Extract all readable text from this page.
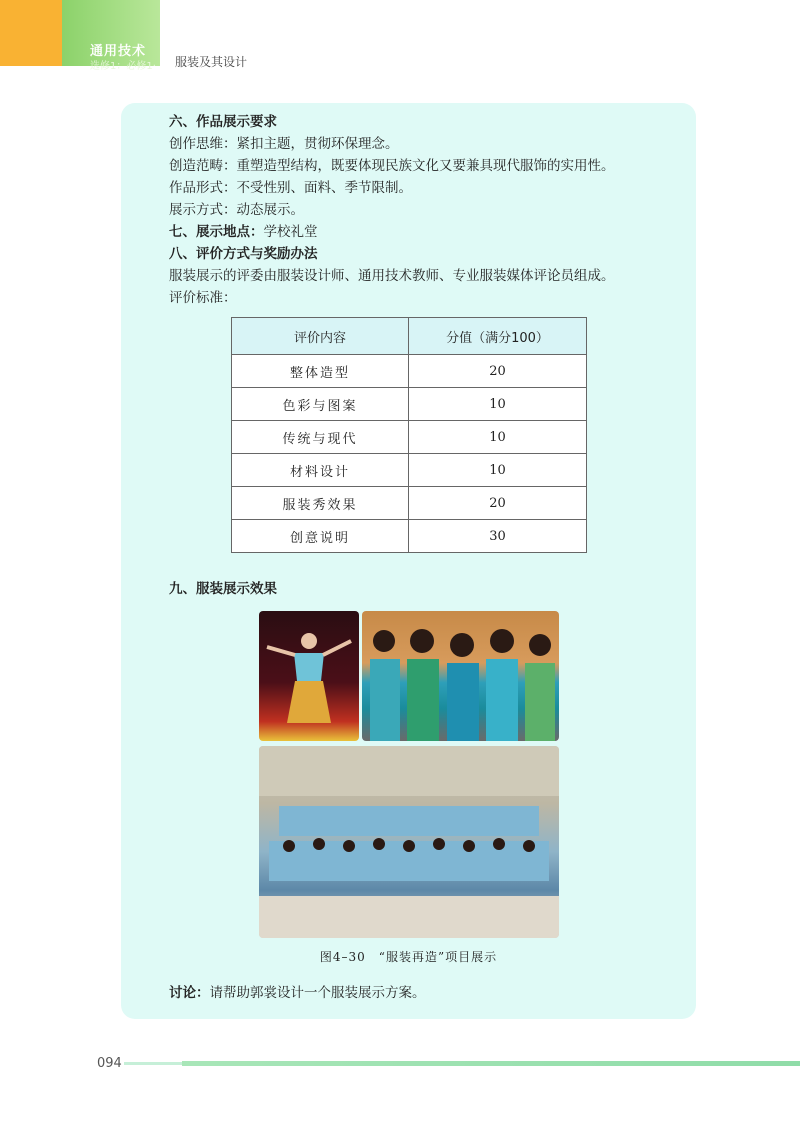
通用技术
选修1：必修1· 服装及其设计
六、作品展示要求
创作思维：紧扣主题，贯彻环保理念。
创造范畴：重塑造型结构，既要体现民族文化又要兼具现代服饰的实用性。
作品形式：不受性别、面料、季节限制。
展示方式：动态展示。
七、展示地点：学校礼堂
八、评价方式与奖励办法
服装展示的评委由服装设计师、通用技术教师、专业服装媒体评论员组成。
评价标准：
评价内容	分值（满分100）
整体造型	20
色彩与图案	10
传统与现代	10
材料设计	10
服装秀效果	20
创意说明	30
九、服装展示效果
图4–30　“服装再造”项目展示
讨论：请帮助郭裳设计一个服装展示方案。
094
